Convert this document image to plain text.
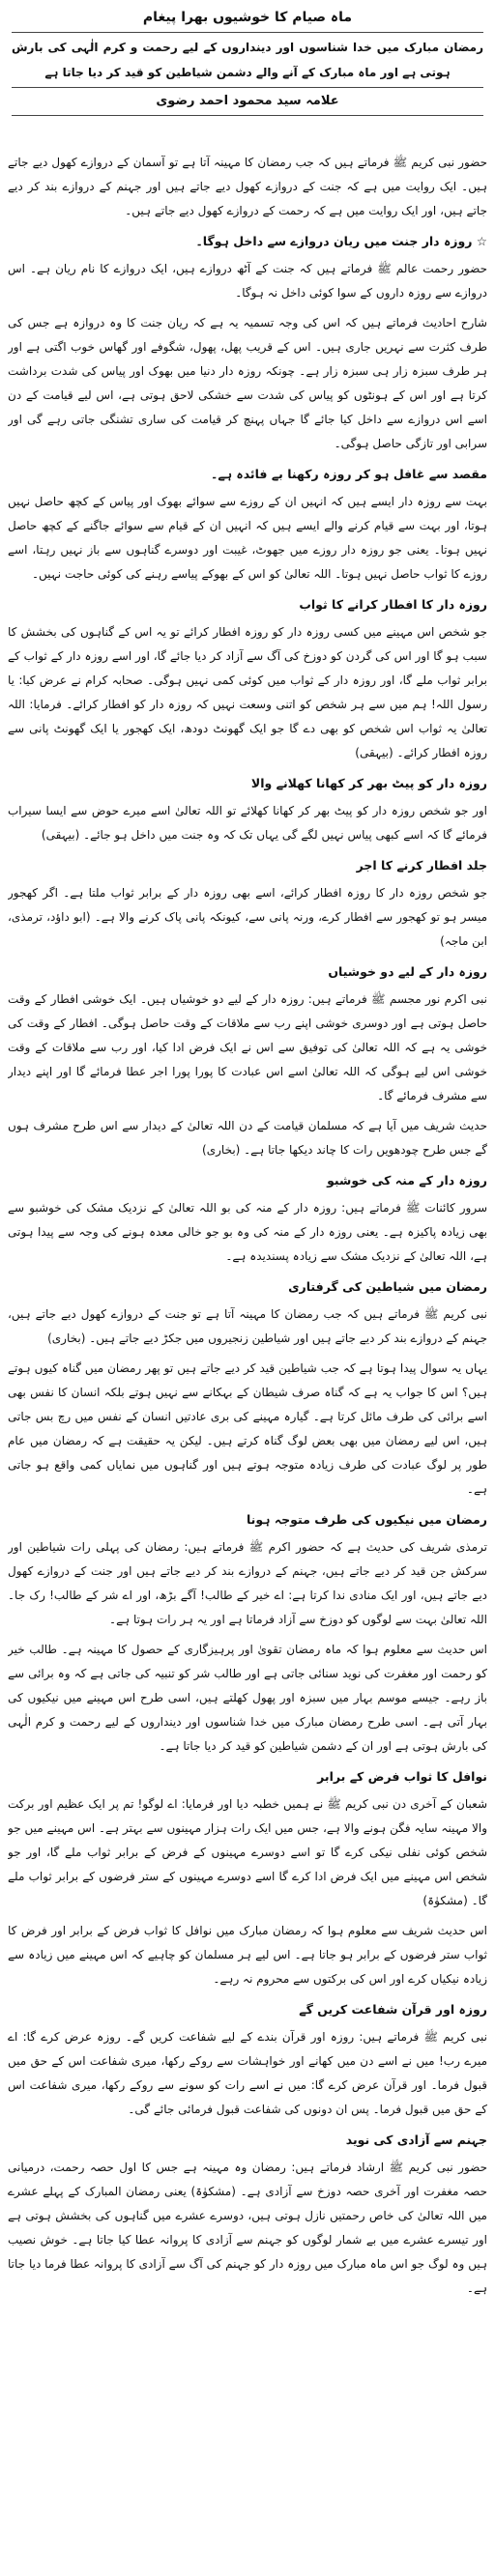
ماہ صیام کا خوشیوں بھرا پیغام
رمضان مبارک میں خدا شناسوں اور دینداروں کے لیے رحمت و کرم الٰہی کی بارش ہوتی ہے اور ماہ مبارک کے آنے والے دشمن شیاطین کو قید کر دیا جاتا ہے
علامہ سید محمود احمد رضوی

حضور نبی کریم ﷺ فرماتے ہیں کہ جب رمضان کا مہینہ آتا ہے تو آسمان کے دروازے کھول دیے جاتے ہیں۔ ایک روایت میں ہے کہ جنت کے دروازے کھول دیے جاتے ہیں اور جہنم کے دروازے بند کر دیے جاتے ہیں، اور ایک روایت میں ہے کہ رحمت کے دروازے کھول دیے جاتے ہیں۔

☆ روزہ دار جنت میں ریان دروازے سے داخل ہوگا۔

حضور رحمت عالم ﷺ فرماتے ہیں کہ جنت کے آٹھ دروازے ہیں، ایک دروازے کا نام ریان ہے۔ اس دروازے سے روزہ داروں کے سوا کوئی داخل نہ ہوگا۔

شارح احادیث فرماتے ہیں کہ اس کی وجہ تسمیہ یہ ہے کہ ریان جنت کا وہ دروازہ ہے جس کی طرف کثرت سے نہریں جاری ہیں۔ اس کے قریب پھل، پھول، شگوفے اور گھاس خوب اگتی ہے اور ہر طرف سبزہ زار ہی سبزہ زار ہے۔ چونکہ روزہ دار دنیا میں بھوک اور پیاس کی شدت برداشت کرتا ہے اور اس کے ہونٹوں کو پیاس کی شدت سے خشکی لاحق ہوتی ہے، اس لیے قیامت کے دن اسے اس دروازے سے داخل کیا جائے گا جہاں پہنچ کر قیامت کی ساری تشنگی جاتی رہے گی اور سرابی اور تازگی حاصل ہوگی۔

مقصد سے غافل ہو کر روزہ رکھنا بے فائدہ ہے۔

بہت سے روزہ دار ایسے ہیں کہ انہیں ان کے روزے سے سوائے بھوک اور پیاس کے کچھ حاصل نہیں ہوتا، اور بہت سے قیام کرنے والے ایسے ہیں کہ انہیں ان کے قیام سے سوائے جاگنے کے کچھ حاصل نہیں ہوتا۔ یعنی جو روزہ دار روزے میں جھوٹ، غیبت اور دوسرے گناہوں سے باز نہیں رہتا، اسے روزے کا ثواب حاصل نہیں ہوتا۔ اللہ تعالیٰ کو اس کے بھوکے پیاسے رہنے کی کوئی حاجت نہیں۔

روزہ دار کا افطار کرانے کا ثواب

جو شخص اس مہینے میں کسی روزہ دار کو روزہ افطار کرائے تو یہ اس کے گناہوں کی بخشش کا سبب ہو گا اور اس کی گردن کو دوزخ کی آگ سے آزاد کر دیا جائے گا، اور اسے روزہ دار کے ثواب کے برابر ثواب ملے گا، اور روزہ دار کے ثواب میں کوئی کمی نہیں ہوگی۔ صحابہ کرام نے عرض کیا: یا رسول اللہ! ہم میں سے ہر شخص کو اتنی وسعت نہیں کہ روزہ دار کو افطار کرائے۔ فرمایا: اللہ تعالیٰ یہ ثواب اس شخص کو بھی دے گا جو ایک گھونٹ دودھ، ایک کھجور یا ایک گھونٹ پانی سے روزہ افطار کرائے۔ (بیہقی)

روزہ دار کو پیٹ بھر کر کھانا کھلانے والا

اور جو شخص روزہ دار کو پیٹ بھر کر کھانا کھلائے تو اللہ تعالیٰ اسے میرے حوض سے ایسا سیراب فرمائے گا کہ اسے کبھی پیاس نہیں لگے گی یہاں تک کہ وہ جنت میں داخل ہو جائے۔ (بیہقی)

جلد افطار کرنے کا اجر

جو شخص روزہ دار کا روزہ افطار کرائے، اسے بھی روزہ دار کے برابر ثواب ملتا ہے۔ اگر کھجور میسر ہو تو کھجور سے افطار کرے، ورنہ پانی سے، کیونکہ پانی پاک کرنے والا ہے۔ (ابو داؤد، ترمذی، ابن ماجہ)

روزہ دار کے لیے دو خوشیاں

نبی اکرم نور مجسم ﷺ فرماتے ہیں: روزہ دار کے لیے دو خوشیاں ہیں۔ ایک خوشی افطار کے وقت حاصل ہوتی ہے اور دوسری خوشی اپنے رب سے ملاقات کے وقت حاصل ہوگی۔ افطار کے وقت کی خوشی یہ ہے کہ اللہ تعالیٰ کی توفیق سے اس نے ایک فرض ادا کیا، اور رب سے ملاقات کے وقت خوشی اس لیے ہوگی کہ اللہ تعالیٰ اسے اس عبادت کا پورا پورا اجر عطا فرمائے گا اور اپنے دیدار سے مشرف فرمائے گا۔

حدیث شریف میں آیا ہے کہ مسلمان قیامت کے دن اللہ تعالیٰ کے دیدار سے اس طرح مشرف ہوں گے جس طرح چودھویں رات کا چاند دیکھا جاتا ہے۔ (بخاری)

روزہ دار کے منہ کی خوشبو

سرور کائنات ﷺ فرماتے ہیں: روزہ دار کے منہ کی بو اللہ تعالیٰ کے نزدیک مشک کی خوشبو سے بھی زیادہ پاکیزہ ہے۔ یعنی روزہ دار کے منہ کی وہ بو جو خالی معدہ ہونے کی وجہ سے پیدا ہوتی ہے، اللہ تعالیٰ کے نزدیک مشک سے زیادہ پسندیدہ ہے۔

رمضان میں شیاطین کی گرفتاری

نبی کریم ﷺ فرماتے ہیں کہ جب رمضان کا مہینہ آتا ہے تو جنت کے دروازے کھول دیے جاتے ہیں، جہنم کے دروازے بند کر دیے جاتے ہیں اور شیاطین زنجیروں میں جکڑ دیے جاتے ہیں۔ (بخاری)

یہاں یہ سوال پیدا ہوتا ہے کہ جب شیاطین قید کر دیے جاتے ہیں تو پھر رمضان میں گناہ کیوں ہوتے ہیں؟ اس کا جواب یہ ہے کہ گناہ صرف شیطان کے بہکانے سے نہیں ہوتے بلکہ انسان کا نفس بھی اسے برائی کی طرف مائل کرتا ہے۔ گیارہ مہینے کی بری عادتیں انسان کے نفس میں رچ بس جاتی ہیں، اس لیے رمضان میں بھی بعض لوگ گناہ کرتے ہیں۔ لیکن یہ حقیقت ہے کہ رمضان میں عام طور پر لوگ عبادت کی طرف زیادہ متوجہ ہوتے ہیں اور گناہوں میں نمایاں کمی واقع ہو جاتی ہے۔

رمضان میں نیکیوں کی طرف متوجہ ہونا

ترمذی شریف کی حدیث ہے کہ حضور اکرم ﷺ فرماتے ہیں: رمضان کی پہلی رات شیاطین اور سرکش جن قید کر دیے جاتے ہیں، جہنم کے دروازے بند کر دیے جاتے ہیں اور جنت کے دروازے کھول دیے جاتے ہیں، اور ایک منادی ندا کرتا ہے: اے خیر کے طالب! آگے بڑھ، اور اے شر کے طالب! رک جا۔ اللہ تعالیٰ بہت سے لوگوں کو دوزخ سے آزاد فرماتا ہے اور یہ ہر رات ہوتا ہے۔

اس حدیث سے معلوم ہوا کہ ماہ رمضان تقویٰ اور پرہیزگاری کے حصول کا مہینہ ہے۔ طالب خیر کو رحمت اور مغفرت کی نوید سنائی جاتی ہے اور طالب شر کو تنبیہ کی جاتی ہے کہ وہ برائی سے باز رہے۔ جیسے موسم بہار میں سبزہ اور پھول کھلتے ہیں، اسی طرح اس مہینے میں نیکیوں کی بہار آتی ہے۔ اسی طرح رمضان مبارک میں خدا شناسوں اور دینداروں کے لیے رحمت و کرم الٰہی کی بارش ہوتی ہے اور ان کے دشمن شیاطین کو قید کر دیا جاتا ہے۔

نوافل کا ثواب فرض کے برابر

شعبان کے آخری دن نبی کریم ﷺ نے ہمیں خطبہ دیا اور فرمایا: اے لوگو! تم پر ایک عظیم اور برکت والا مہینہ سایہ فگن ہونے والا ہے، جس میں ایک رات ہزار مہینوں سے بہتر ہے۔ اس مہینے میں جو شخص کوئی نفلی نیکی کرے گا تو اسے دوسرے مہینوں کے فرض کے برابر ثواب ملے گا، اور جو شخص اس مہینے میں ایک فرض ادا کرے گا اسے دوسرے مہینوں کے ستر فرضوں کے برابر ثواب ملے گا۔ (مشکوٰۃ)

اس حدیث شریف سے معلوم ہوا کہ رمضان مبارک میں نوافل کا ثواب فرض کے برابر اور فرض کا ثواب ستر فرضوں کے برابر ہو جاتا ہے۔ اس لیے ہر مسلمان کو چاہیے کہ اس مہینے میں زیادہ سے زیادہ نیکیاں کرے اور اس کی برکتوں سے محروم نہ رہے۔

روزہ اور قرآن شفاعت کریں گے

نبی کریم ﷺ فرماتے ہیں: روزہ اور قرآن بندے کے لیے شفاعت کریں گے۔ روزہ عرض کرے گا: اے میرے رب! میں نے اسے دن میں کھانے اور خواہشات سے روکے رکھا، میری شفاعت اس کے حق میں قبول فرما۔ اور قرآن عرض کرے گا: میں نے اسے رات کو سونے سے روکے رکھا، میری شفاعت اس کے حق میں قبول فرما۔ پس ان دونوں کی شفاعت قبول فرمائی جائے گی۔

جہنم سے آزادی کی نوید

حضور نبی کریم ﷺ ارشاد فرماتے ہیں: رمضان وہ مہینہ ہے جس کا اول حصہ رحمت، درمیانی حصہ مغفرت اور آخری حصہ دوزخ سے آزادی ہے۔ (مشکوٰۃ) یعنی رمضان المبارک کے پہلے عشرے میں اللہ تعالیٰ کی خاص رحمتیں نازل ہوتی ہیں، دوسرے عشرے میں گناہوں کی بخشش ہوتی ہے اور تیسرے عشرے میں بے شمار لوگوں کو جہنم سے آزادی کا پروانہ عطا کیا جاتا ہے۔ خوش نصیب ہیں وہ لوگ جو اس ماہ مبارک میں روزہ دار کو جہنم کی آگ سے آزادی کا پروانہ عطا فرما دیا جاتا ہے۔
